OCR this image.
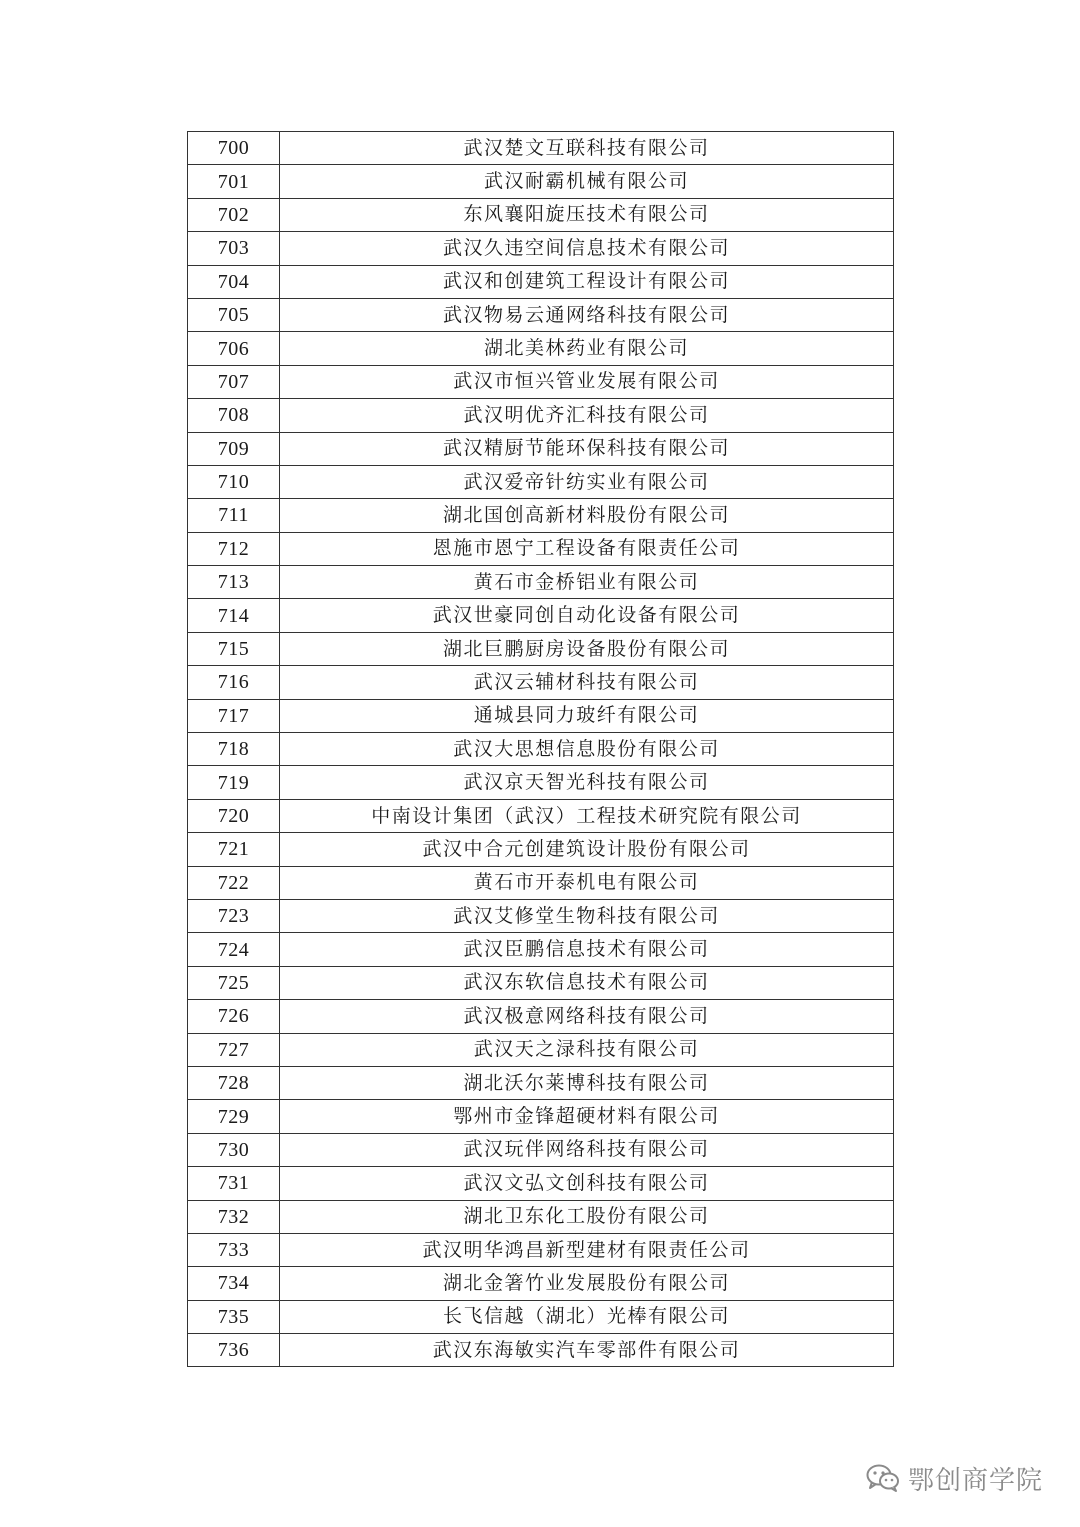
700	武汉楚文互联科技有限公司
701	武汉耐霸机械有限公司
702	东风襄阳旋压技术有限公司
703	武汉久违空间信息技术有限公司
704	武汉和创建筑工程设计有限公司
705	武汉物易云通网络科技有限公司
706	湖北美林药业有限公司
707	武汉市恒兴管业发展有限公司
708	武汉明优齐汇科技有限公司
709	武汉精厨节能环保科技有限公司
710	武汉爱帝针纺实业有限公司
711	湖北国创高新材料股份有限公司
712	恩施市恩宁工程设备有限责任公司
713	黄石市金桥铝业有限公司
714	武汉世豪同创自动化设备有限公司
715	湖北巨鹏厨房设备股份有限公司
716	武汉云辅材科技有限公司
717	通城县同力玻纤有限公司
718	武汉大思想信息股份有限公司
719	武汉京天智光科技有限公司
720	中南设计集团（武汉）工程技术研究院有限公司
721	武汉中合元创建筑设计股份有限公司
722	黄石市开泰机电有限公司
723	武汉艾修堂生物科技有限公司
724	武汉臣鹏信息技术有限公司
725	武汉东软信息技术有限公司
726	武汉极意网络科技有限公司
727	武汉天之渌科技有限公司
728	湖北沃尔莱博科技有限公司
729	鄂州市金锋超硬材料有限公司
730	武汉玩伴网络科技有限公司
731	武汉文弘文创科技有限公司
732	湖北卫东化工股份有限公司
733	武汉明华鸿昌新型建材有限责任公司
734	湖北金箸竹业发展股份有限公司
735	长飞信越（湖北）光棒有限公司
736	武汉东海敏实汽车零部件有限公司
鄂创商学院
